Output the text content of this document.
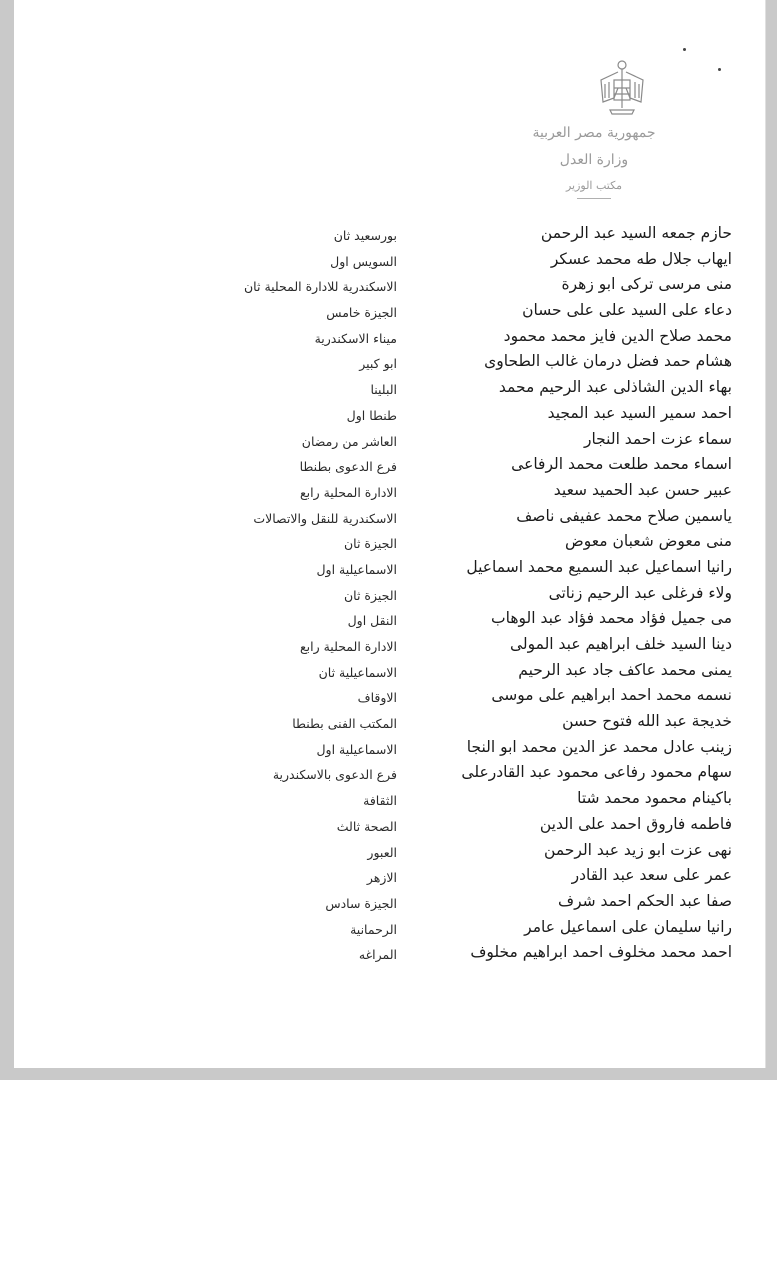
جمهورية مصر العربية
وزارة العدل
مكتب الوزير
حازم جمعه السيد عبد الرحمن
بورسعيد ثان
ايهاب جلال طه محمد عسكر
السويس اول
منى مرسى تركى ابو زهرة
الاسكندرية للادارة المحلية ثان
دعاء على السيد على على حسان
الجيزة خامس
محمد صلاح الدين فايز محمد محمود
ميناء الاسكندرية
هشام حمد فضل درمان غالب الطحاوى
ابو كبير
بهاء الدين الشاذلى عبد الرحيم محمد
البلينا
احمد سمير السيد عبد المجيد
طنطا اول
سماء عزت احمد النجار
العاشر من رمضان
اسماء محمد طلعت محمد الرفاعى
فرع الدعوى بطنطا
عبير حسن عبد الحميد سعيد
الادارة المحلية رابع
ياسمين صلاح محمد عفيفى ناصف
الاسكندرية للنقل والاتصالات
منى معوض شعبان معوض
الجيزة ثان
رانيا اسماعيل عبد السميع محمد اسماعيل
الاسماعيلية اول
ولاء فرغلى عبد الرحيم زناتى
الجيزة ثان
مى جميل فؤاد محمد فؤاد عبد الوهاب
النقل اول
دينا السيد خلف ابراهيم عبد المولى
الادارة المحلية رابع
يمنى محمد عاكف جاد عبد الرحيم
الاسماعيلية ثان
نسمه محمد احمد ابراهيم على موسى
الاوقاف
خديجة عبد الله فتوح حسن
المكتب الفنى بطنطا
زينب عادل محمد عز الدين محمد ابو النجا
الاسماعيلية اول
سهام محمود رفاعى محمود عبد القادرعلى
فرع الدعوى بالاسكندرية
باكينام محمود محمد شتا
الثقافة
فاطمه فاروق احمد على الدين
الصحة ثالث
نهى عزت ابو زيد عبد الرحمن
العبور
عمر على سعد عبد القادر
الازهر
صفا عبد الحكم احمد شرف
الجيزة سادس
رانيا سليمان على اسماعيل عامر
الرحمانية
احمد محمد مخلوف احمد ابراهيم مخلوف
المراغه
